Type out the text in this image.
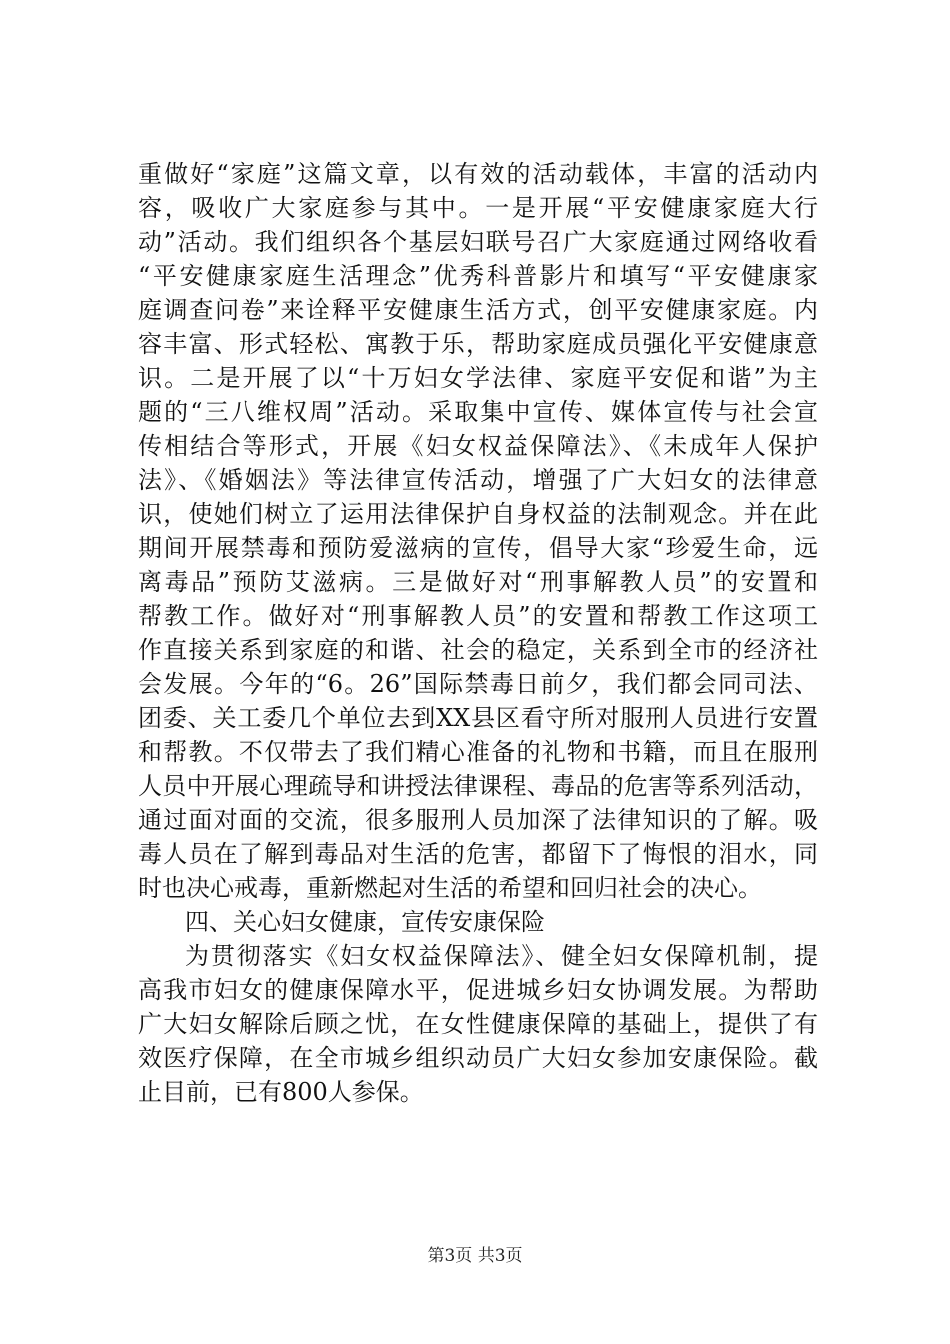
重做好“家庭”这篇文章，以有效的活动载体，丰富的活动内
容，吸收广大家庭参与其中。一是开展“平安健康家庭大行
动”活动。我们组织各个基层妇联号召广大家庭通过网络收看
“平安健康家庭生活理念”优秀科普影片和填写“平安健康家
庭调查问卷”来诠释平安健康生活方式，创平安健康家庭。内
容丰富、形式轻松、寓教于乐，帮助家庭成员强化平安健康意
识。二是开展了以“十万妇女学法律、家庭平安促和谐”为主
题的“三八维权周”活动。采取集中宣传、媒体宣传与社会宣
传相结合等形式，开展《妇女权益保障法》、《未成年人保护
法》、《婚姻法》等法律宣传活动，增强了广大妇女的法律意
识，使她们树立了运用法律保护自身权益的法制观念。并在此
期间开展禁毒和预防爱滋病的宣传，倡导大家“珍爱生命，远
离毒品”预防艾滋病。三是做好对“刑事解教人员”的安置和
帮教工作。做好对“刑事解教人员”的安置和帮教工作这项工
作直接关系到家庭的和谐、社会的稳定，关系到全市的经济社
会发展。今年的“6。26”国际禁毒日前夕，我们都会同司法、
团委、关工委几个单位去到XX县区看守所对服刑人员进行安置
和帮教。不仅带去了我们精心准备的礼物和书籍，而且在服刑
人员中开展心理疏导和讲授法律课程、毒品的危害等系列活动，
通过面对面的交流，很多服刑人员加深了法律知识的了解。吸
毒人员在了解到毒品对生活的危害，都留下了悔恨的泪水，同
时也决心戒毒，重新燃起对生活的希望和回归社会的决心。
四、关心妇女健康，宣传安康保险
为贯彻落实《妇女权益保障法》、健全妇女保障机制，提
高我市妇女的健康保障水平，促进城乡妇女协调发展。为帮助
广大妇女解除后顾之忧，在女性健康保障的基础上，提供了有
效医疗保障，在全市城乡组织动员广大妇女参加安康保险。截
止目前，已有800人参保。
第3页 共3页
